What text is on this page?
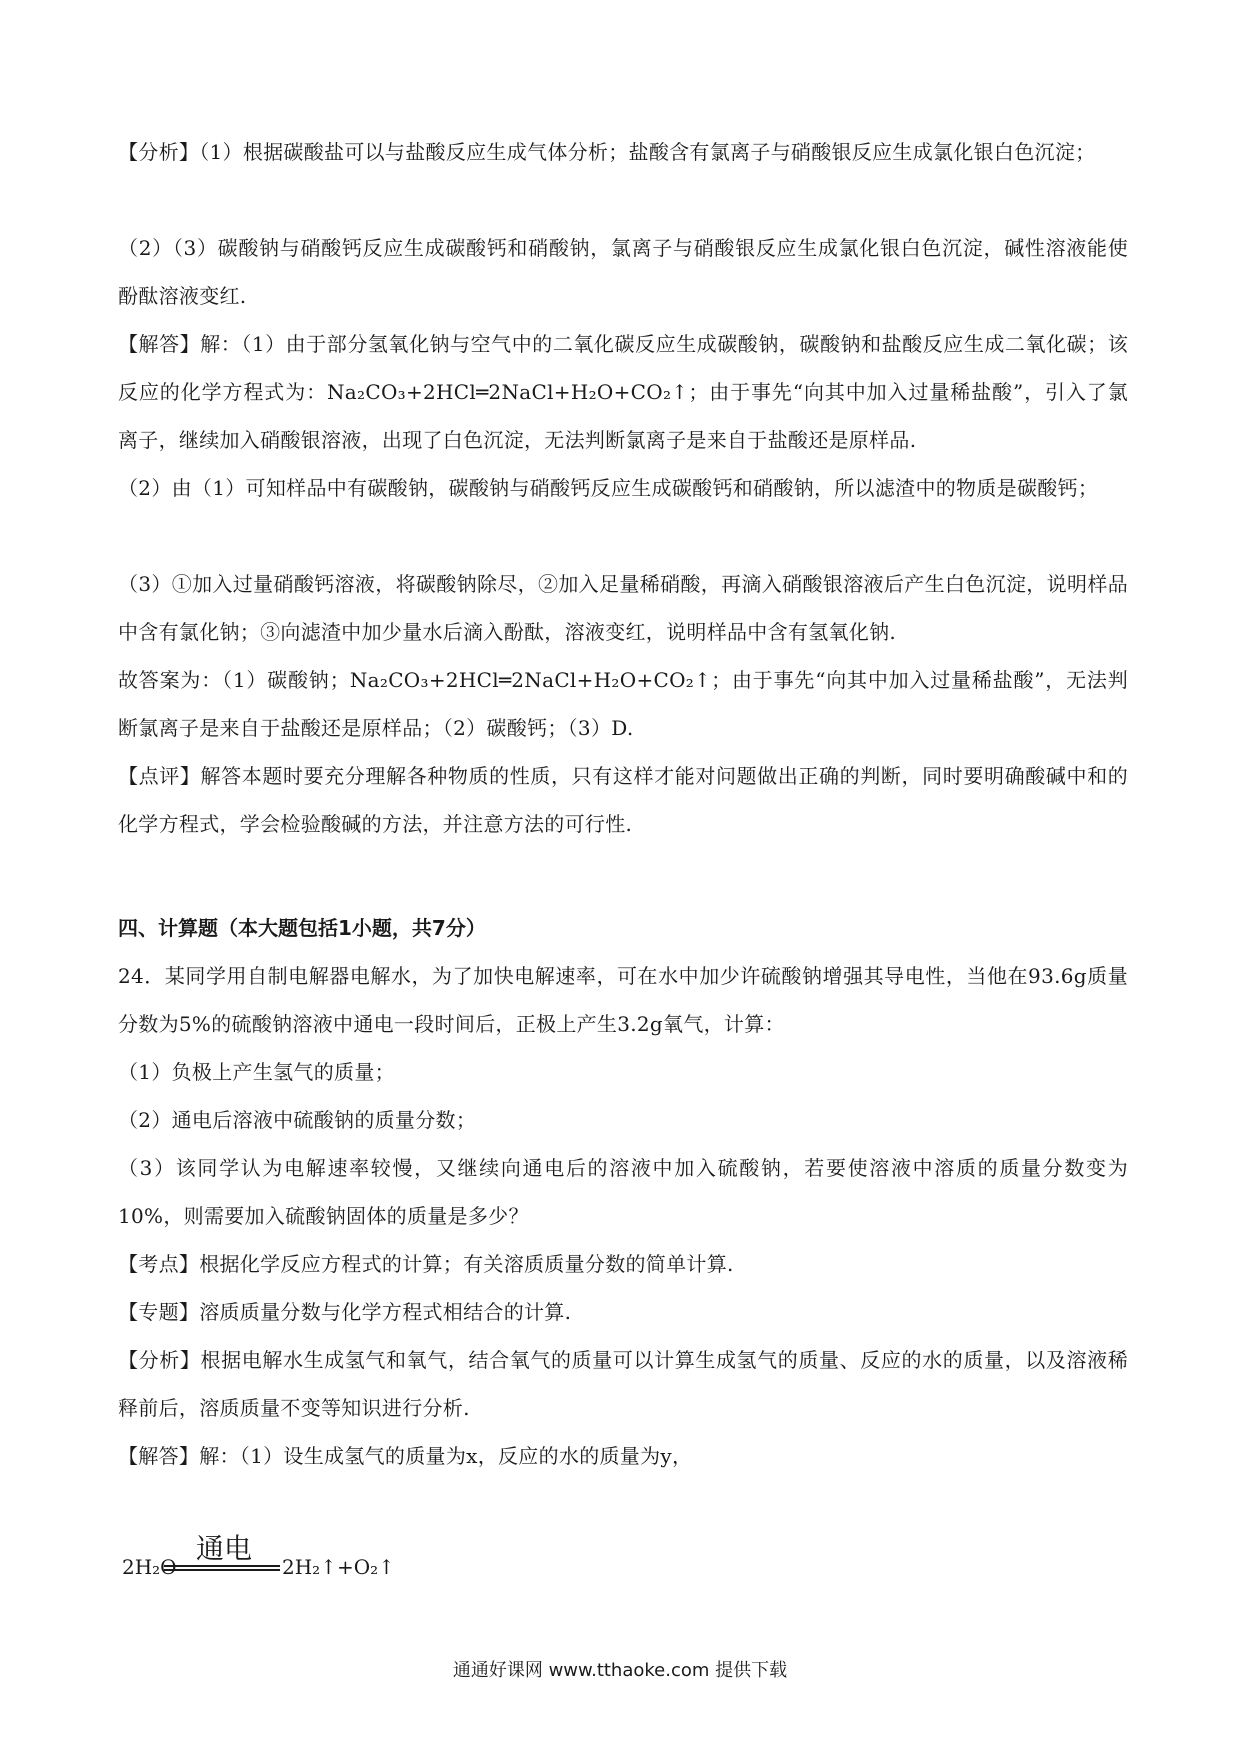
【分析】（1）根据碳酸盐可以与盐酸反应生成气体分析；盐酸含有氯离子与硝酸银反应生成氯化银白色沉淀；
（2）（3）碳酸钠与硝酸钙反应生成碳酸钙和硝酸钠，氯离子与硝酸银反应生成氯化银白色沉淀，碱性溶液能使酚酞溶液变红.
【解答】解：（1）由于部分氢氧化钠与空气中的二氧化碳反应生成碳酸钠，碳酸钠和盐酸反应生成二氧化碳；该反应的化学方程式为：Na₂CO₃+2HCl═2NaCl+H₂O+CO₂↑；由于事先“向其中加入过量稀盐酸”，引入了氯离子，继续加入硝酸银溶液，出现了白色沉淀，无法判断氯离子是来自于盐酸还是原样品.
（2）由（1）可知样品中有碳酸钠，碳酸钠与硝酸钙反应生成碳酸钙和硝酸钠，所以滤渣中的物质是碳酸钙；
（3）①加入过量硝酸钙溶液，将碳酸钠除尽，②加入足量稀硝酸，再滴入硝酸银溶液后产生白色沉淀，说明样品中含有氯化钠；③向滤渣中加少量水后滴入酚酞，溶液变红，说明样品中含有氢氧化钠.
故答案为：（1）碳酸钠；Na₂CO₃+2HCl═2NaCl+H₂O+CO₂↑；由于事先“向其中加入过量稀盐酸”，无法判断氯离子是来自于盐酸还是原样品；（2）碳酸钙；（3）D.
【点评】解答本题时要充分理解各种物质的性质，只有这样才能对问题做出正确的判断，同时要明确酸碱中和的化学方程式，学会检验酸碱的方法，并注意方法的可行性.
四、计算题（本大题包括1小题，共7分）
24．某同学用自制电解器电解水，为了加快电解速率，可在水中加少许硫酸钠增强其导电性，当他在93.6g质量分数为5%的硫酸钠溶液中通电一段时间后，正极上产生3.2g氧气，计算：
（1）负极上产生氢气的质量；
（2）通电后溶液中硫酸钠的质量分数；
（3）该同学认为电解速率较慢，又继续向通电后的溶液中加入硫酸钠，若要使溶液中溶质的质量分数变为10%，则需要加入硫酸钠固体的质量是多少？
【考点】根据化学反应方程式的计算；有关溶质质量分数的简单计算.
【专题】溶质质量分数与化学方程式相结合的计算.
【分析】根据电解水生成氢气和氧气，结合氧气的质量可以计算生成氢气的质量、反应的水的质量，以及溶液稀释前后，溶质质量不变等知识进行分析.
【解答】解：（1）设生成氢气的质量为x，反应的水的质量为y，
2H₂O
通电
2H₂↑+O₂↑
通通好课网 www.tthaoke.com 提供下载
